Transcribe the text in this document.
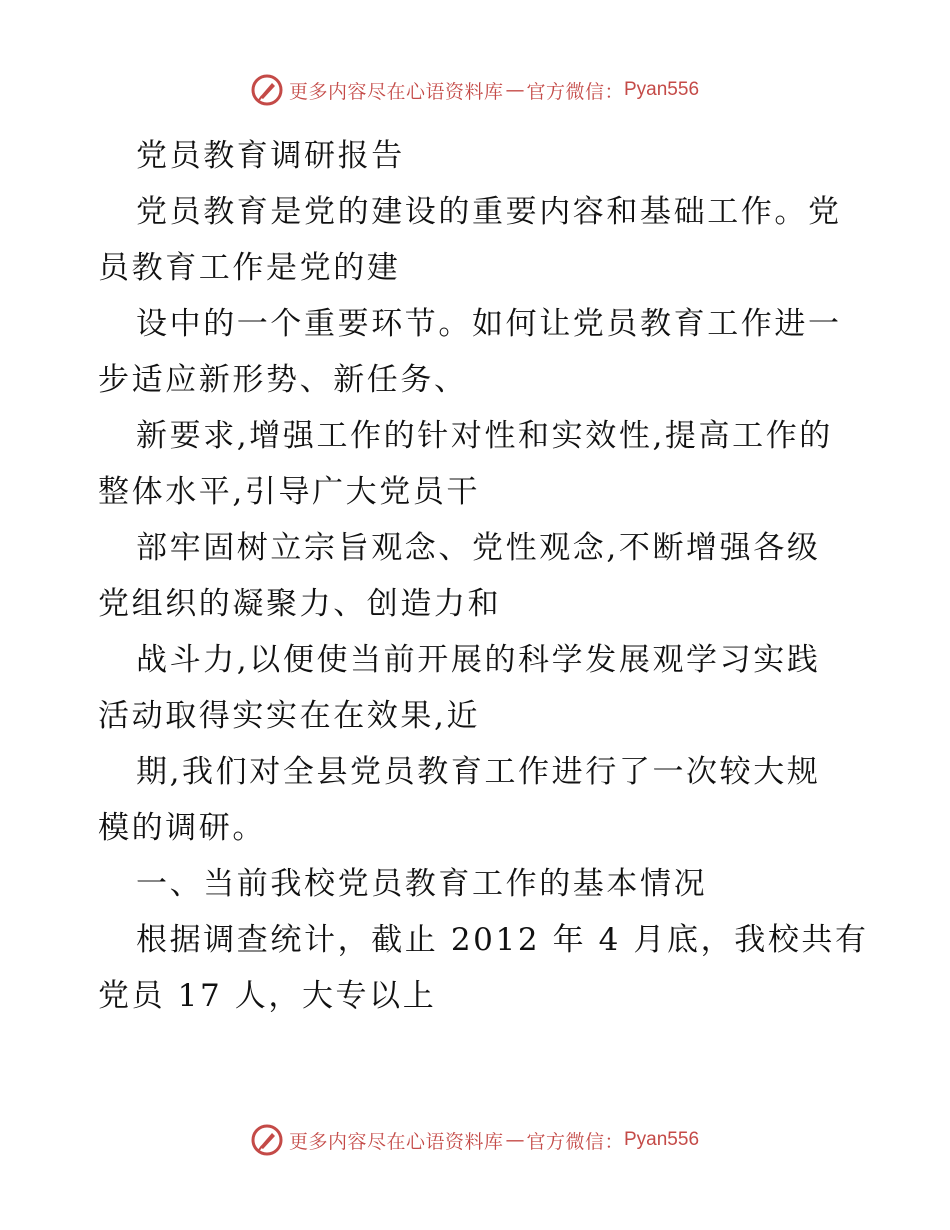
更多内容尽在心语资料库 — 官方微信： Pyan556
党员教育调研报告
党员教育是党的建设的重要内容和基础工作。党
员教育工作是党的建
设中的一个重要环节。如何让党员教育工作进一
步适应新形势、新任务、
新要求,增强工作的针对性和实效性,提高工作的
整体水平,引导广大党员干
部牢固树立宗旨观念、党性观念,不断增强各级
党组织的凝聚力、创造力和
战斗力,以便使当前开展的科学发展观学习实践
活动取得实实在在效果,近
期,我们对全县党员教育工作进行了一次较大规
模的调研。
一、当前我校党员教育工作的基本情况
根据调查统计，截止 2012 年 4 月底，我校共有
党员 17 人，大专以上
更多内容尽在心语资料库 — 官方微信： Pyan556
